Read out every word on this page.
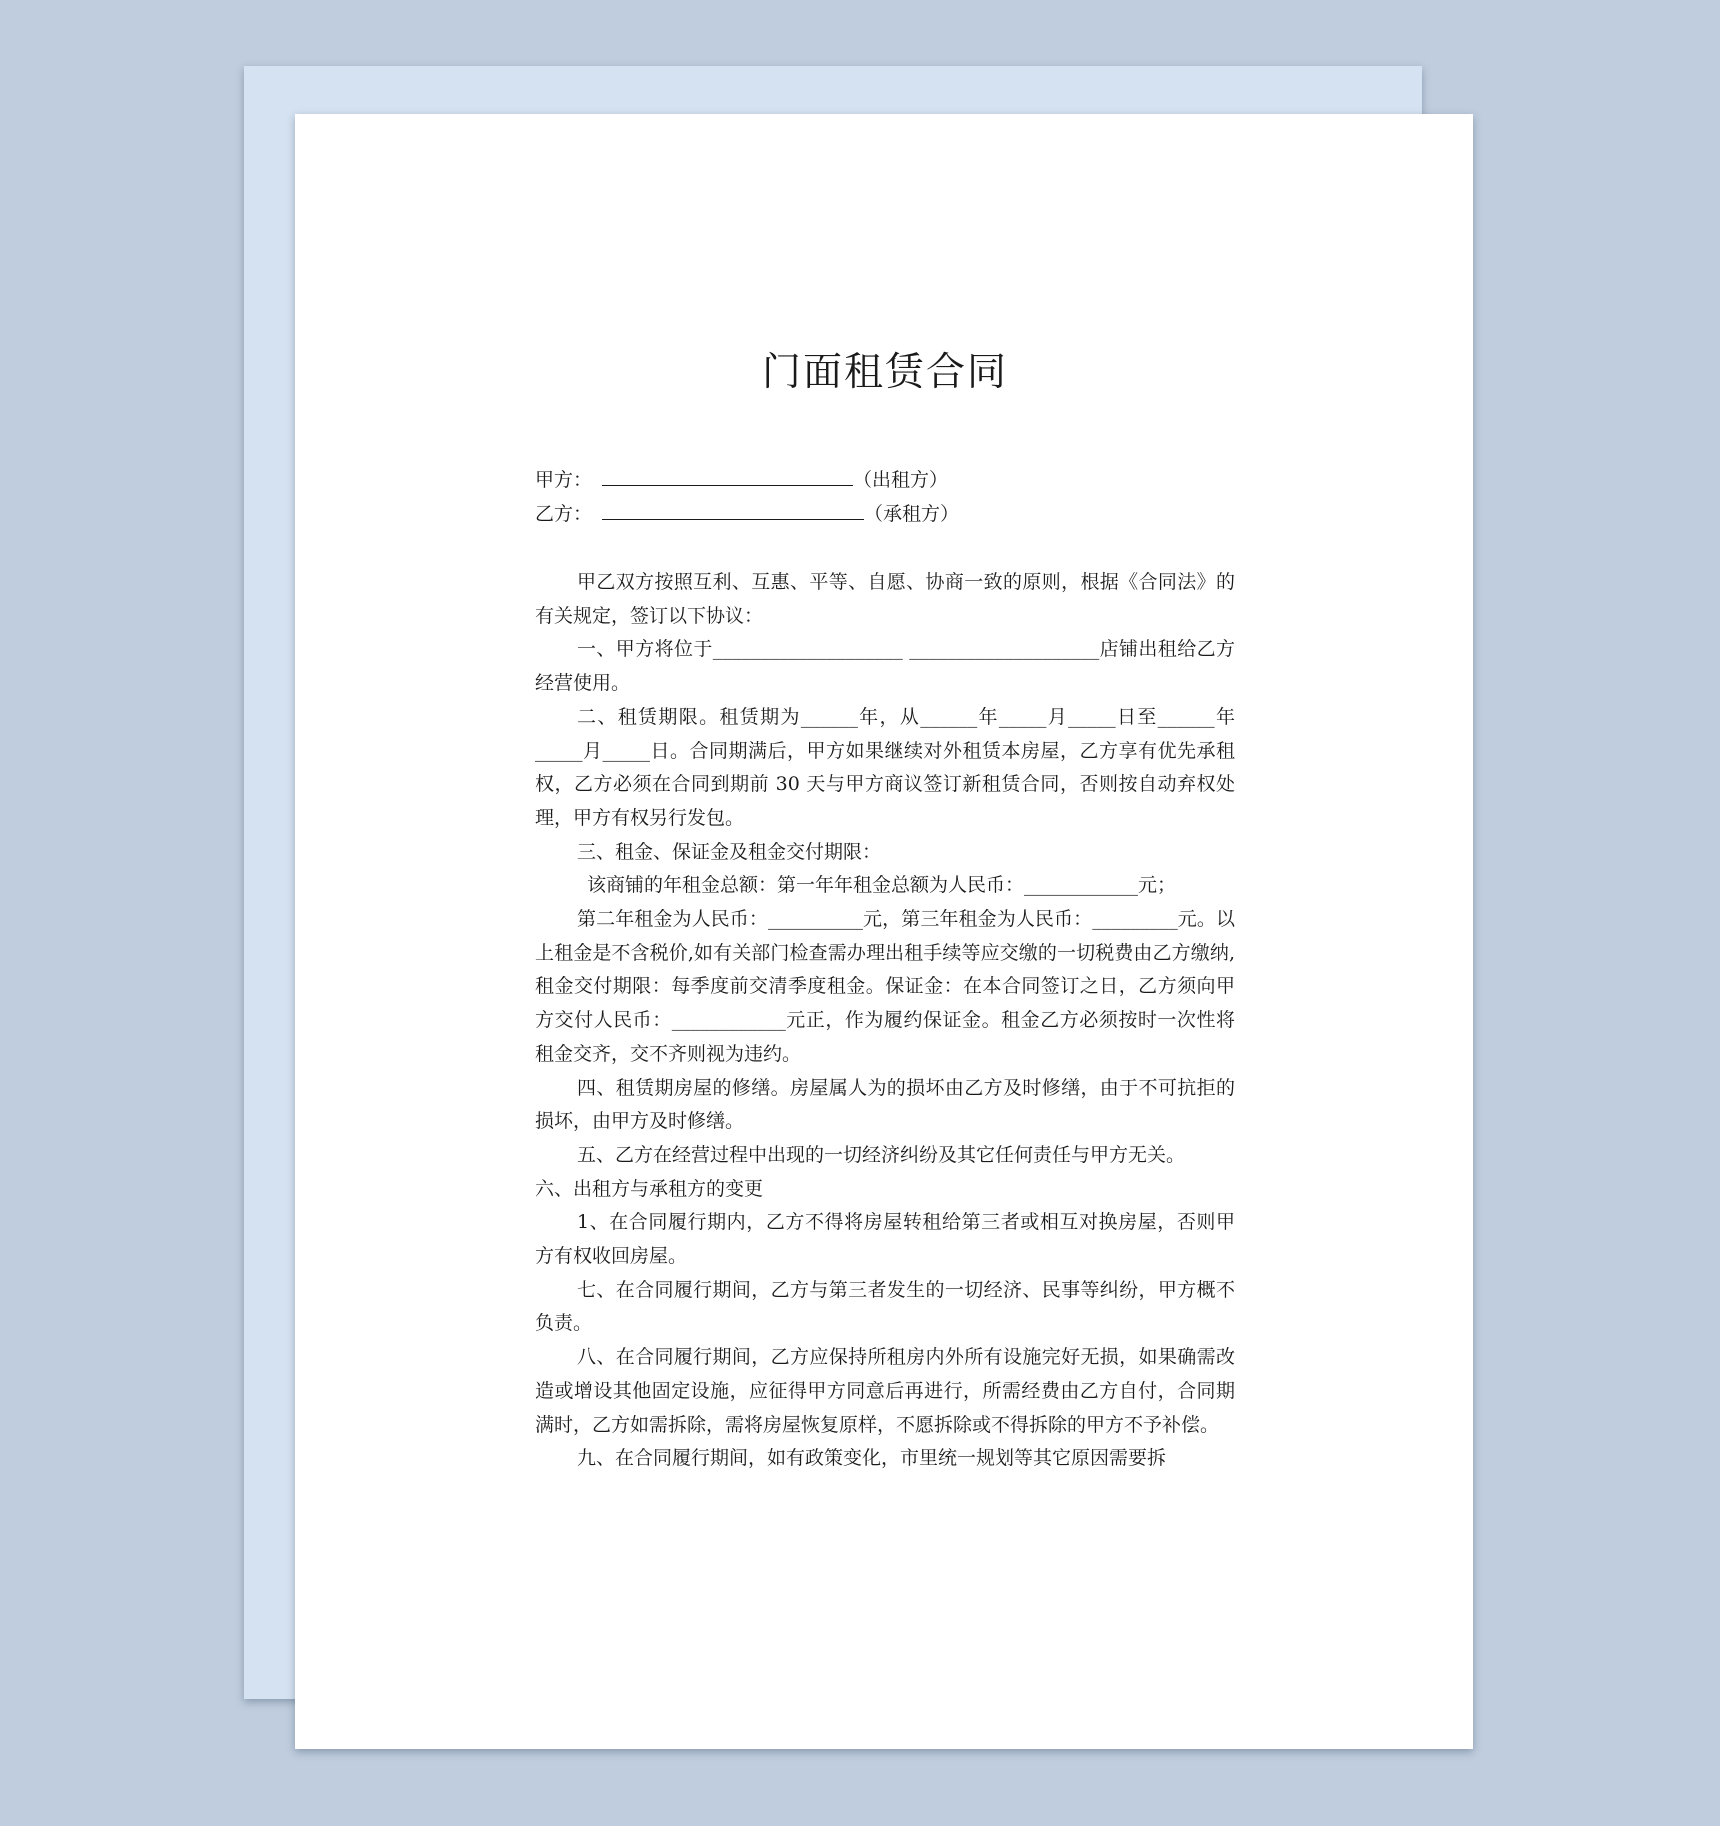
门面租赁合同
甲方：	（出租方）
乙方：	（承租方）

甲乙双方按照互利、互惠、平等、自愿、协商一致的原则，根据《合同法》的有关规定，签订以下协议：

一、甲方将位于____________________ ____________________店铺出租给乙方经营使用。

二、租赁期限。租赁期为______年，从______年_____月_____日至______年_____月_____日。合同期满后，甲方如果继续对外租赁本房屋，乙方享有优先承租权，乙方必须在合同到期前 30 天与甲方商议签订新租赁合同，否则按自动弃权处理，甲方有权另行发包。

三、租金、保证金及租金交付期限：

该商铺的年租金总额：第一年年租金总额为人民币：____________元；

第二年租金为人民币：__________元，第三年租金为人民币：_________元。以上租金是不含税价,如有关部门检查需办理出租手续等应交缴的一切税费由乙方缴纳,租金交付期限：每季度前交清季度租金。保证金：在本合同签订之日，乙方须向甲方交付人民币：____________元正，作为履约保证金。租金乙方必须按时一次性将租金交齐，交不齐则视为违约。

四、租赁期房屋的修缮。房屋属人为的损坏由乙方及时修缮，由于不可抗拒的损坏，由甲方及时修缮。

五、乙方在经营过程中出现的一切经济纠纷及其它任何责任与甲方无关。

六、出租方与承租方的变更

1、在合同履行期内，乙方不得将房屋转租给第三者或相互对换房屋，否则甲方有权收回房屋。

七、在合同履行期间，乙方与第三者发生的一切经济、民事等纠纷，甲方概不负责。

八、在合同履行期间，乙方应保持所租房内外所有设施完好无损，如果确需改造或增设其他固定设施，应征得甲方同意后再进行，所需经费由乙方自付，合同期满时，乙方如需拆除，需将房屋恢复原样，不愿拆除或不得拆除的甲方不予补偿。

九、在合同履行期间，如有政策变化，市里统一规划等其它原因需要拆
